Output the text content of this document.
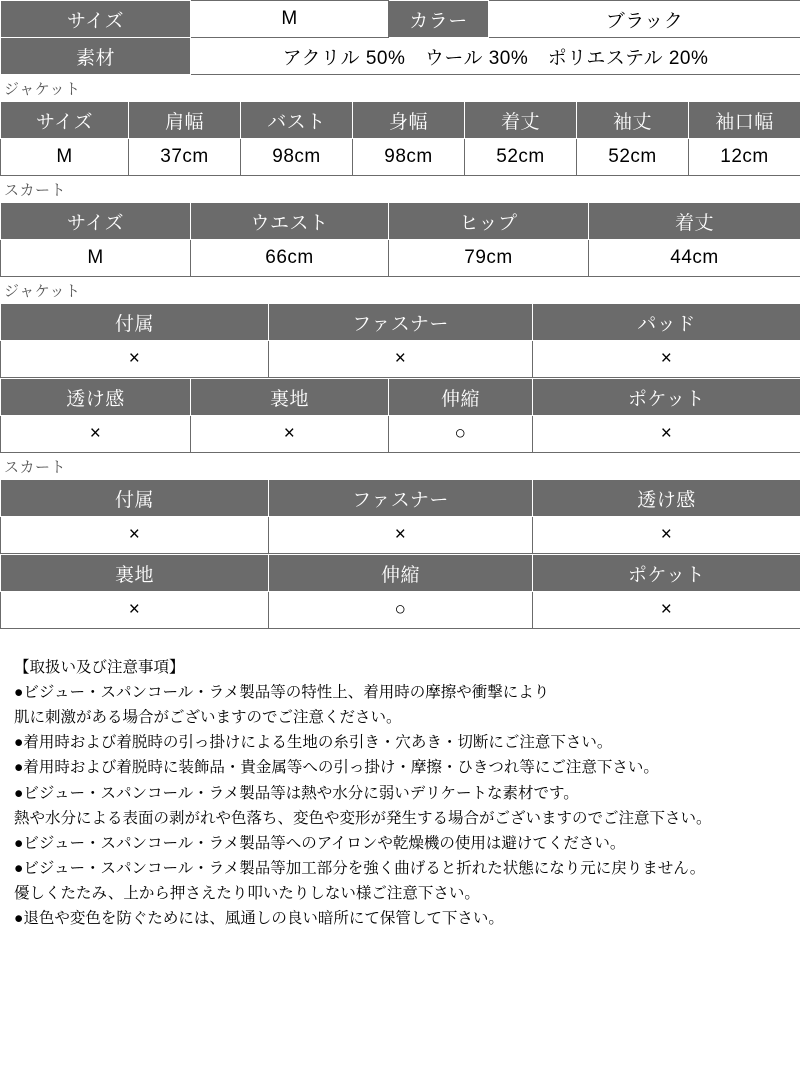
サイズ	M	カラー	ブラック
素材	アクリル 50%　ウール 30%　ポリエステル 20%		
ジャケット
サイズ	肩幅	バスト	身幅	着丈	袖丈	袖口幅
M	37cm	98cm	98cm	52cm	52cm	12cm
スカート
サイズ	ウエスト	ヒップ	着丈
M	66cm	79cm	44cm
ジャケット
付属	ファスナー	パッド
×	×	×
透け感	裏地	伸縮	ポケット
×	×	○	×
スカート
付属	ファスナー	透け感
×	×	×
裏地	伸縮	ポケット
×	○	×
【取扱い及び注意事項】
●ビジュー・スパンコール・ラメ製品等の特性上、着用時の摩擦や衝撃により
肌に刺激がある場合がございますのでご注意ください。
●着用時および着脱時の引っ掛けによる生地の糸引き・穴あき・切断にご注意下さい。
●着用時および着脱時に装飾品・貴金属等への引っ掛け・摩擦・ひきつれ等にご注意下さい。
●ビジュー・スパンコール・ラメ製品等は熱や水分に弱いデリケートな素材です。
熱や水分による表面の剥がれや色落ち、変色や変形が発生する場合がございますのでご注意下さい。
●ビジュー・スパンコール・ラメ製品等へのアイロンや乾燥機の使用は避けてください。
●ビジュー・スパンコール・ラメ製品等加工部分を強く曲げると折れた状態になり元に戻りません。
優しくたたみ、上から押さえたり叩いたりしない様ご注意下さい。
●退色や変色を防ぐためには、風通しの良い暗所にて保管して下さい。
